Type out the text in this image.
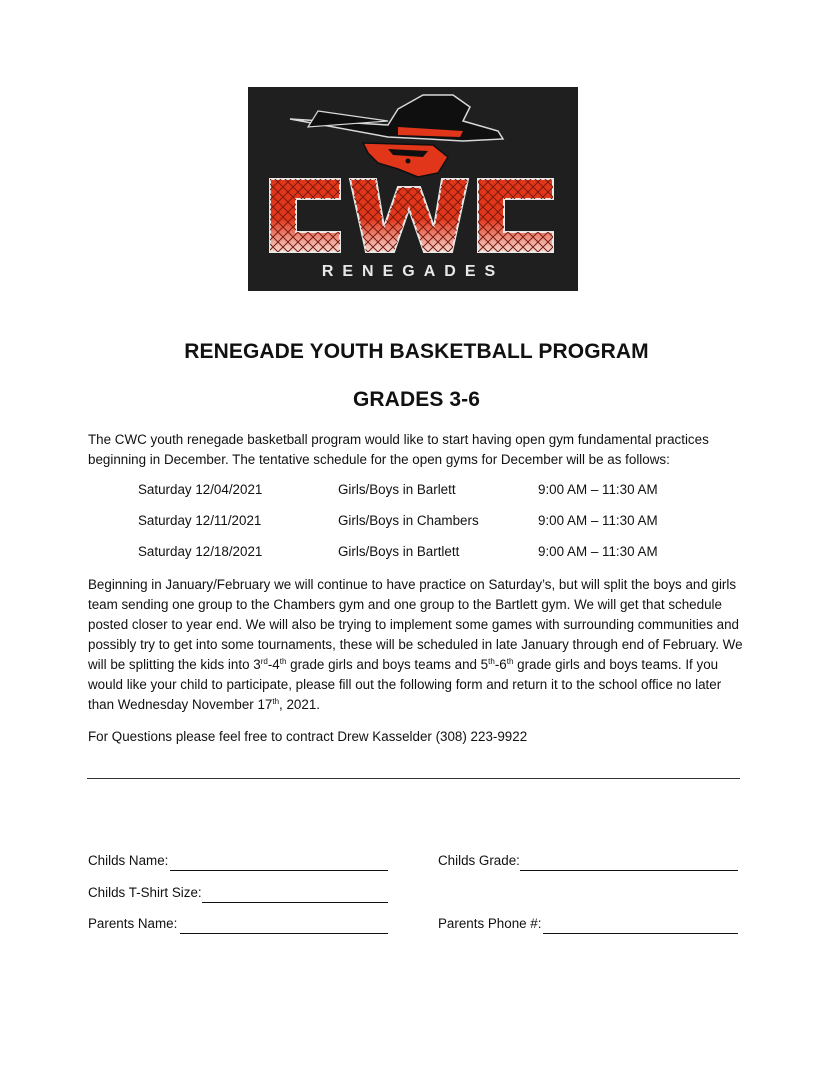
RENEGADES
RENEGADE YOUTH BASKETBALL PROGRAM
GRADES 3-6
The CWC youth renegade basketball program would like to start having open gym fundamental practices beginning in December. The tentative schedule for the open gyms for December will be as follows:
Saturday 12/04/2021	Girls/Boys in Barlett	9:00 AM – 11:30 AM
Saturday 12/11/2021	Girls/Boys in Chambers	9:00 AM – 11:30 AM
Saturday 12/18/2021	Girls/Boys in Bartlett	9:00 AM – 11:30 AM
Beginning in January/February we will continue to have practice on Saturday’s, but will split the boys and girls team sending one group to the Chambers gym and one group to the Bartlett gym. We will get that schedule posted closer to year end. We will also be trying to implement some games with surrounding communities and possibly try to get into some tournaments, these will be scheduled in late January through end of February. We will be splitting the kids into 3rd-4th grade girls and boys teams and 5th-6th grade girls and boys teams. If you would like your child to participate, please fill out the following form and return it to the school office no later than Wednesday November 17th, 2021.
For Questions please feel free to contract Drew Kasselder (308) 223-9922
Childs Name:	Childs Grade:
Childs T-Shirt Size:
Parents Name:	Parents Phone #:
